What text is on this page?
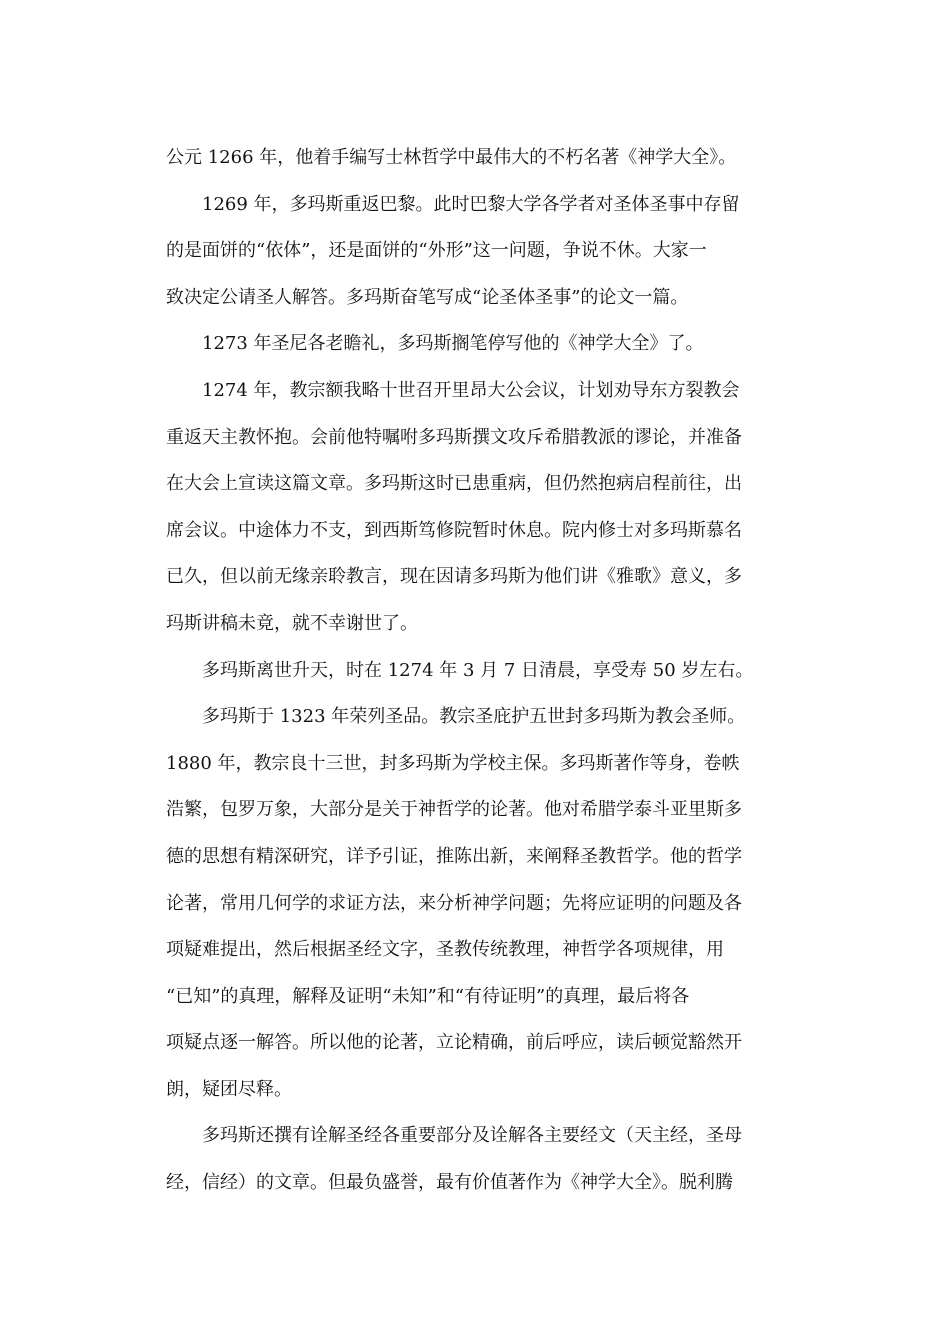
公元 1266 年，他着手编写士林哲学中最伟大的不朽名著《神学大全》。

1269 年，多玛斯重返巴黎。此时巴黎大学各学者对圣体圣事中存留

的是面饼的“依体”，还是面饼的“外形”这一问题，争说不休。大家一

致决定公请圣人解答。多玛斯奋笔写成“论圣体圣事”的论文一篇。

1273 年圣尼各老瞻礼，多玛斯搁笔停写他的《神学大全》了。

1274 年，教宗额我略十世召开里昂大公会议，计划劝导东方裂教会

重返天主教怀抱。会前他特嘱咐多玛斯撰文攻斥希腊教派的谬论，并准备

在大会上宣读这篇文章。多玛斯这时已患重病，但仍然抱病启程前往，出

席会议。中途体力不支，到西斯笃修院暂时休息。院内修士对多玛斯慕名

已久，但以前无缘亲聆教言，现在因请多玛斯为他们讲《雅歌》意义，多

玛斯讲稿未竟，就不幸谢世了。

多玛斯离世升天，时在 1274 年 3 月 7 日清晨，享受寿 50 岁左右。

多玛斯于 1323 年荣列圣品。教宗圣庇护五世封多玛斯为教会圣师。

1880 年，教宗良十三世，封多玛斯为学校主保。多玛斯著作等身，卷帙

浩繁，包罗万象，大部分是关于神哲学的论著。他对希腊学泰斗亚里斯多

德的思想有精深研究，详予引证，推陈出新，来阐释圣教哲学。他的哲学

论著，常用几何学的求证方法，来分析神学问题；先将应证明的问题及各

项疑难提出，然后根据圣经文字，圣教传统教理，神哲学各项规律，用

“已知”的真理，解释及证明“未知”和“有待证明”的真理，最后将各

项疑点逐一解答。所以他的论著，立论精确，前后呼应，读后顿觉豁然开

朗，疑团尽释。

多玛斯还撰有诠解圣经各重要部分及诠解各主要经文（天主经，圣母

经，信经）的文章。但最负盛誉，最有价值著作为《神学大全》。脱利腾
